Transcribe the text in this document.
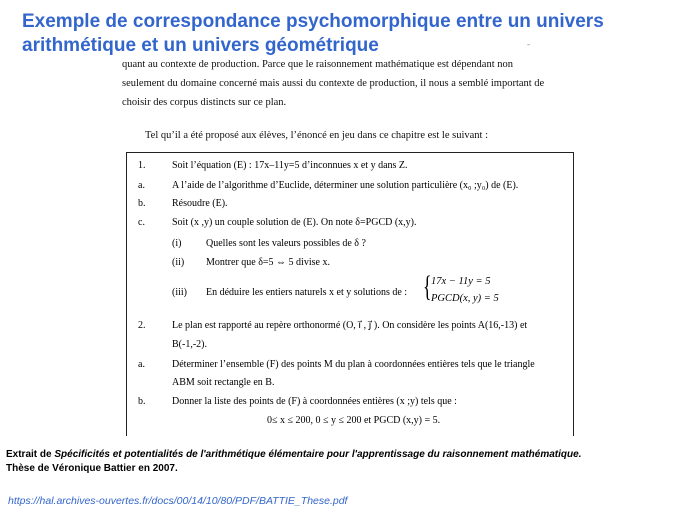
Exemple de correspondance psychomorphique entre un univers
arithmétique et un univers géométrique	-
quant au contexte de production. Parce que le raisonnement mathématique est dépendant non
seulement du domaine concerné mais aussi du contexte de production, il nous a semblé important de
choisir des corpus distincts sur ce plan.
Tel qu’il a été proposé aux élèves, l’énoncé en jeu dans ce chapitre est le suivant :
1.	Soit l’équation (E) : 17x–11y=5 d’inconnues x et y dans Z.
a.	A l’aide de l’algorithme d’Euclide, déterminer une solution particulière (x₀ ;y₀) de (E).
b.	Résoudre (E).
c.	Soit (x ,y) un couple solution de (E). On note δ=PGCD (x,y).
(i) Quelles sont les valeurs possibles de δ ?
(ii) Montrer que δ=5 ⇔ 5 divise x.
(iii) En déduire les entiers naturels x et y solutions de : { 17x − 11y = 5
PGCD(x, y) = 5
2.	Le plan est rapporté au repère orthonormé (O, i⃗ , j⃗ ). On considère les points A(16,-13) et
B(-1,-2).
a.	Déterminer l’ensemble (F) des points M du plan à coordonnées entières tels que le triangle
ABM soit rectangle en B.
b.	Donner la liste des points de (F) à coordonnées entières (x ;y) tels que :
0≤ x ≤ 200, 0 ≤ y ≤ 200 et PGCD (x,y) = 5.
Extrait de Spécificités et potentialités de l'arithmétique élémentaire pour l'apprentissage du raisonnement mathématique.
Thèse de Véronique Battier en 2007.
https://hal.archives-ouvertes.fr/docs/00/14/10/80/PDF/BATTIE_These.pdf
